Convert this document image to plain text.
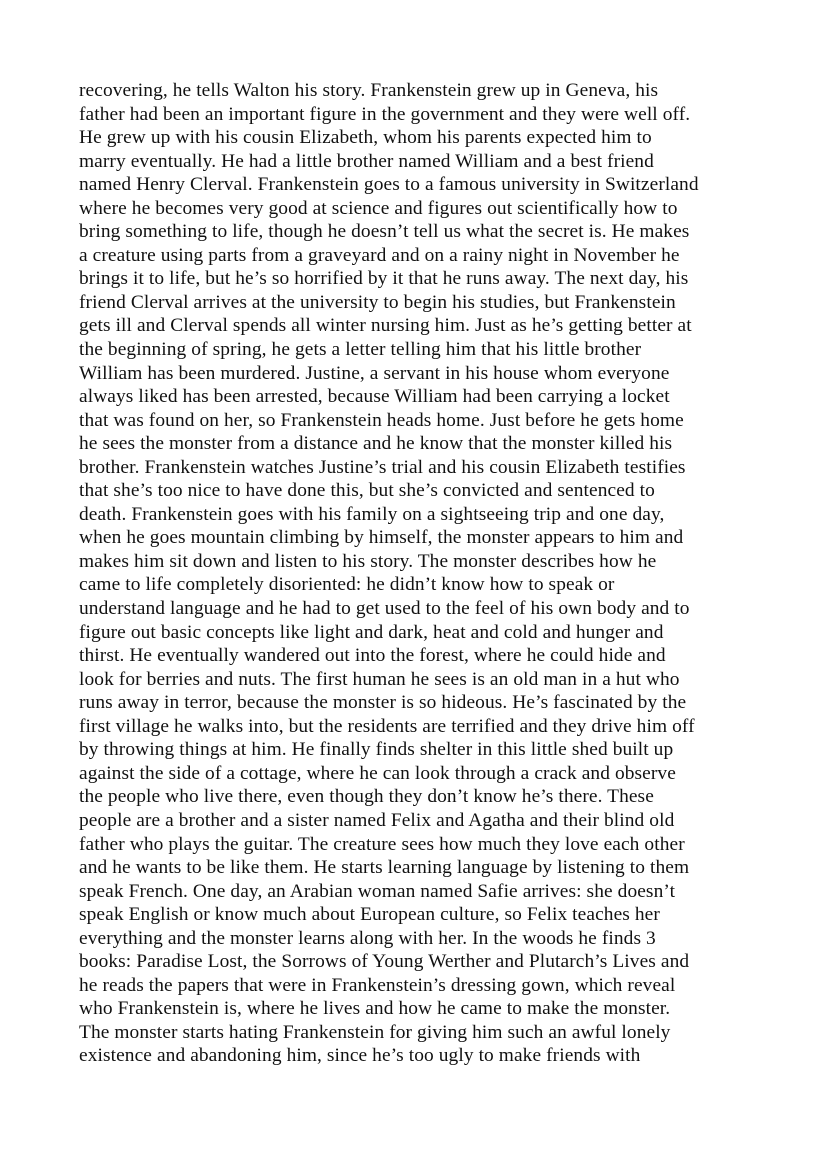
recovering, he tells Walton his story. Frankenstein grew up in Geneva, his
father had been an important figure in the government and they were well off.
He grew up with his cousin Elizabeth, whom his parents expected him to
marry eventually. He had a little brother named William and a best friend
named Henry Clerval. Frankenstein goes to a famous university in Switzerland
where he becomes very good at science and figures out scientifically how to
bring something to life, though he doesn’t tell us what the secret is. He makes
a creature using parts from a graveyard and on a rainy night in November he
brings it to life, but he’s so horrified by it that he runs away. The next day, his
friend Clerval arrives at the university to begin his studies, but Frankenstein
gets ill and Clerval spends all winter nursing him. Just as he’s getting better at
the beginning of spring, he gets a letter telling him that his little brother
William has been murdered. Justine, a servant in his house whom everyone
always liked has been arrested, because William had been carrying a locket
that was found on her, so Frankenstein heads home. Just before he gets home
he sees the monster from a distance and he know that the monster killed his
brother. Frankenstein watches Justine’s trial and his cousin Elizabeth testifies
that she’s too nice to have done this, but she’s convicted and sentenced to
death. Frankenstein goes with his family on a sightseeing trip and one day,
when he goes mountain climbing by himself, the monster appears to him and
makes him sit down and listen to his story. The monster describes how he
came to life completely disoriented: he didn’t know how to speak or
understand language and he had to get used to the feel of his own body and to
figure out basic concepts like light and dark, heat and cold and hunger and
thirst. He eventually wandered out into the forest, where he could hide and
look for berries and nuts. The first human he sees is an old man in a hut who
runs away in terror, because the monster is so hideous. He’s fascinated by the
first village he walks into, but the residents are terrified and they drive him off
by throwing things at him. He finally finds shelter in this little shed built up
against the side of a cottage, where he can look through a crack and observe
the people who live there, even though they don’t know he’s there. These
people are a brother and a sister named Felix and Agatha and their blind old
father who plays the guitar. The creature sees how much they love each other
and he wants to be like them. He starts learning language by listening to them
speak French. One day, an Arabian woman named Safie arrives: she doesn’t
speak English or know much about European culture, so Felix teaches her
everything and the monster learns along with her. In the woods he finds 3
books: Paradise Lost, the Sorrows of Young Werther and Plutarch’s Lives and
he reads the papers that were in Frankenstein’s dressing gown, which reveal
who Frankenstein is, where he lives and how he came to make the monster.
The monster starts hating Frankenstein for giving him such an awful lonely
existence and abandoning him, since he’s too ugly to make friends with
